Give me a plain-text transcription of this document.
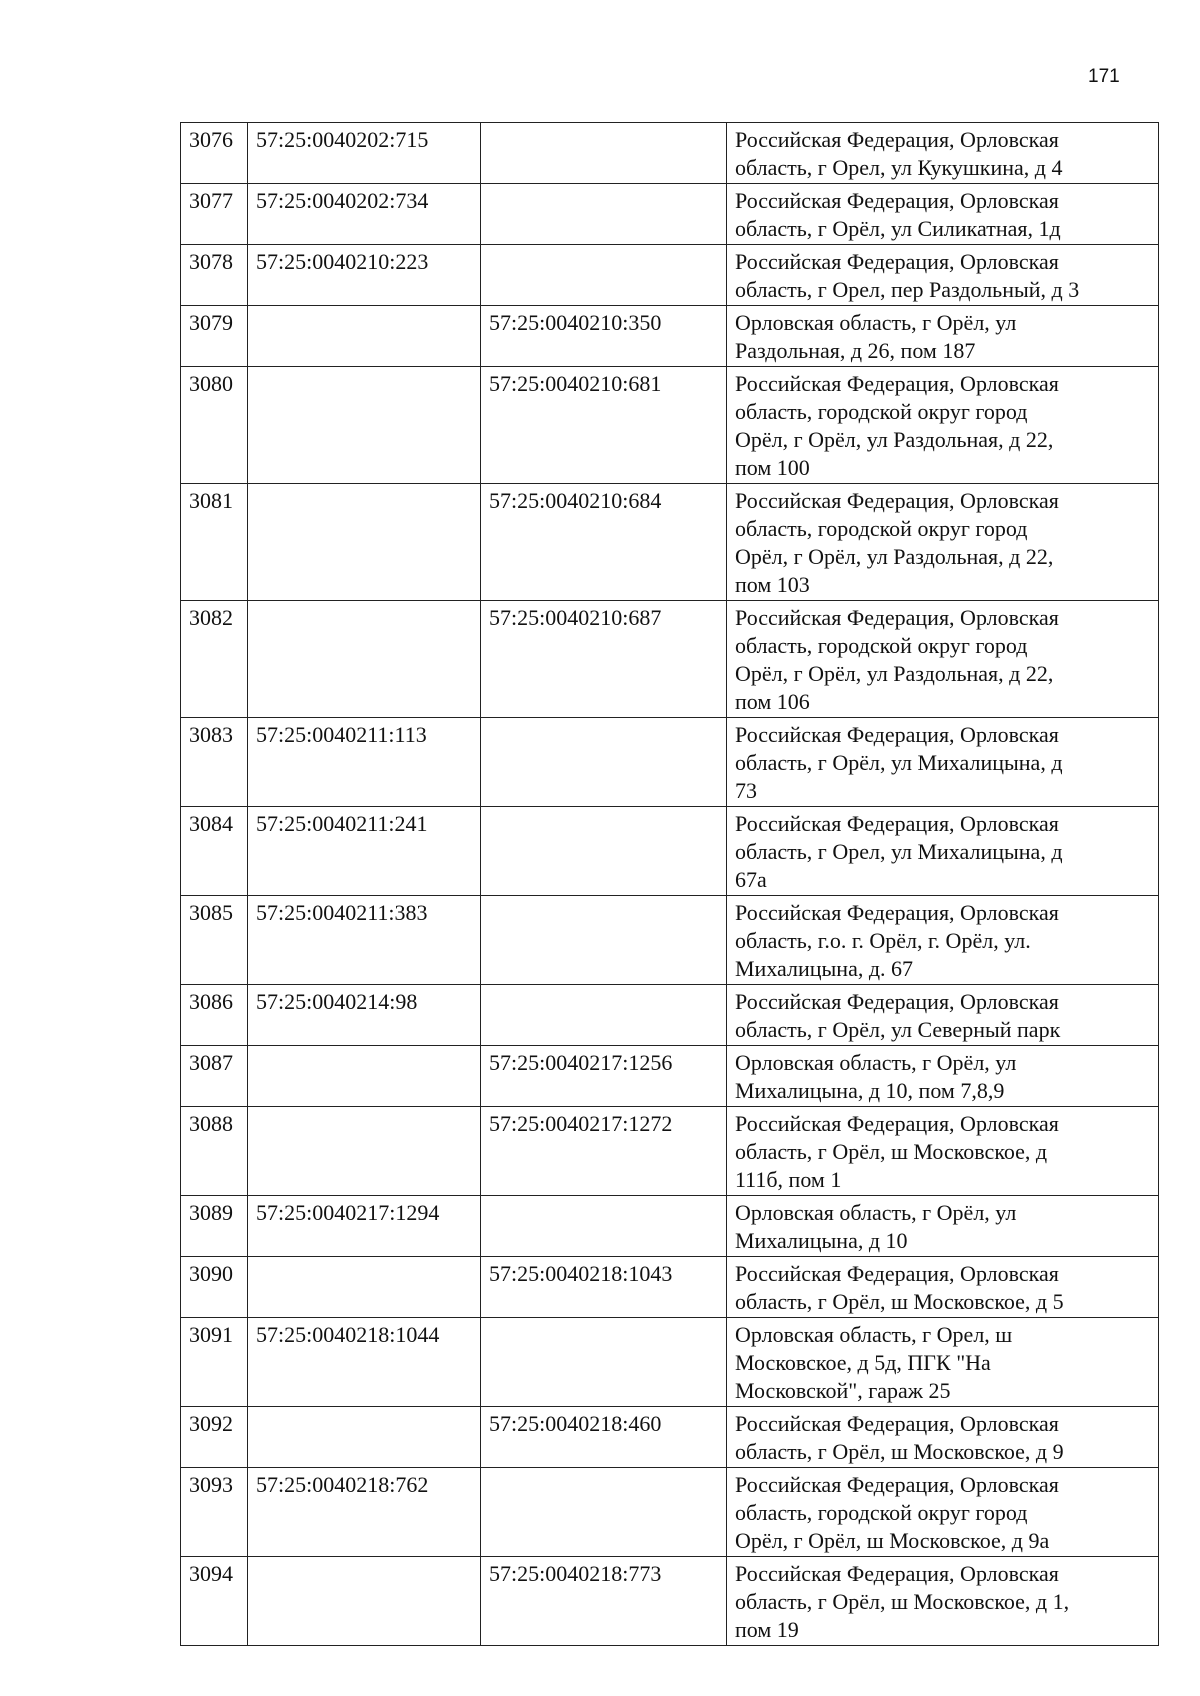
171
3076	57:25:0040202:715		Российская Федерация, Орловская
область, г Орел, ул Кукушкина, д 4

3077	57:25:0040202:734		Российская Федерация, Орловская
область, г Орёл, ул Силикатная, 1д

3078	57:25:0040210:223		Российская Федерация, Орловская
область, г Орел, пер Раздольный, д 3

3079		57:25:0040210:350	Орловская область, г Орёл, ул
Раздольная, д 26, пом 187

3080		57:25:0040210:681	Российская Федерация, Орловская
область, городской округ город
Орёл, г Орёл, ул Раздольная, д 22,
пом 100

3081		57:25:0040210:684	Российская Федерация, Орловская
область, городской округ город
Орёл, г Орёл, ул Раздольная, д 22,
пом 103

3082		57:25:0040210:687	Российская Федерация, Орловская
область, городской округ город
Орёл, г Орёл, ул Раздольная, д 22,
пом 106

3083	57:25:0040211:113		Российская Федерация, Орловская
область, г Орёл, ул Михалицына, д
73

3084	57:25:0040211:241		Российская Федерация, Орловская
область, г Орел, ул Михалицына, д
67а

3085	57:25:0040211:383		Российская Федерация, Орловская
область, г.о. г. Орёл, г. Орёл, ул.
Михалицына, д. 67

3086	57:25:0040214:98		Российская Федерация, Орловская
область, г Орёл, ул Северный парк

3087		57:25:0040217:1256	Орловская область, г Орёл, ул
Михалицына, д 10, пом 7,8,9

3088		57:25:0040217:1272	Российская Федерация, Орловская
область, г Орёл, ш Московское, д
111б, пом 1

3089	57:25:0040217:1294		Орловская область, г Орёл, ул
Михалицына, д 10

3090		57:25:0040218:1043	Российская Федерация, Орловская
область, г Орёл, ш Московское, д 5

3091	57:25:0040218:1044		Орловская область, г Орел, ш
Московское, д 5д, ПГК "На
Московской", гараж 25

3092		57:25:0040218:460	Российская Федерация, Орловская
область, г Орёл, ш Московское, д 9

3093	57:25:0040218:762		Российская Федерация, Орловская
область, городской округ город
Орёл, г Орёл, ш Московское, д 9а

3094		57:25:0040218:773	Российская Федерация, Орловская
область, г Орёл, ш Московское, д 1,
пом 19
